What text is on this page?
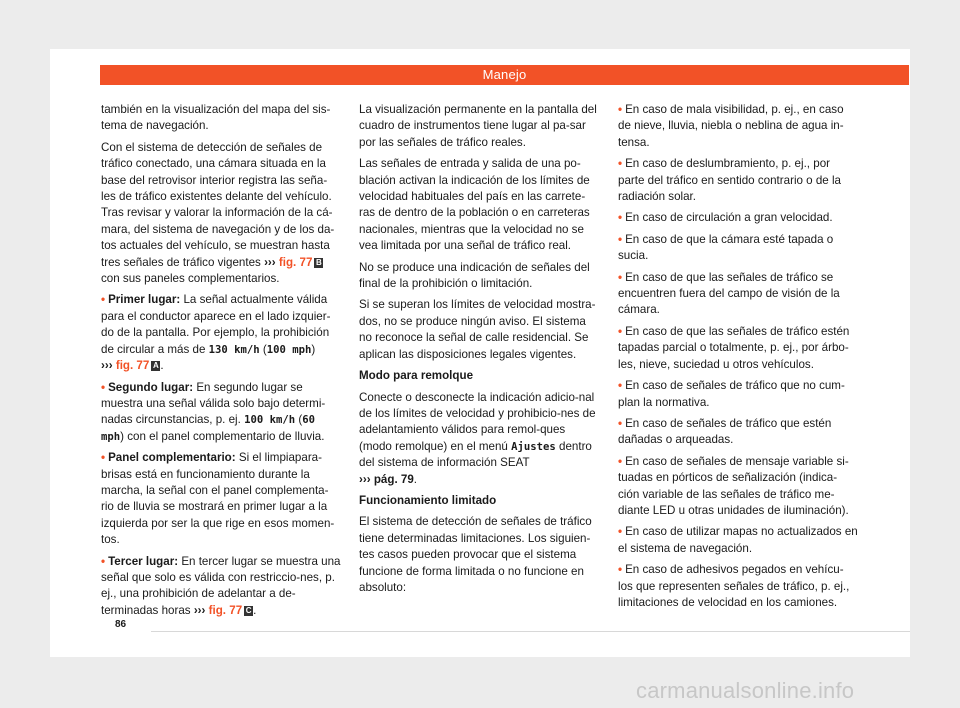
Manejo

también en la visualización del mapa del sis-tema de navegación.

Con el sistema de detección de señales de tráfico conectado, una cámara situada en la base del retrovisor interior registra las seña-les de tráfico existentes delante del vehículo. Tras revisar y valorar la información de la cá-mara, del sistema de navegación y de los da-tos actuales del vehículo, se muestran hasta tres señales de tráfico vigentes ››› fig. 77 B
con sus paneles complementarios.

• Primer lugar: La señal actualmente válida para el conductor aparece en el lado izquier-do de la pantalla. Por ejemplo, la prohibición de circular a más de 130 km/h (100 mph)
››› fig. 77 A .

• Segundo lugar: En segundo lugar se muestra una señal válida solo bajo determi-nadas circunstancias, p. ej. 100 km/h (60 mph) con el panel complementario de lluvia.

• Panel complementario: Si el limpiapara-brisas está en funcionamiento durante la marcha, la señal con el panel complementa-rio de lluvia se mostrará en primer lugar a la izquierda por ser la que rige en esos momen-tos.

• Tercer lugar: En tercer lugar se muestra una señal que solo es válida con restriccio-nes, p. ej., una prohibición de adelantar a de-terminadas horas ››› fig. 77 C .

La visualización permanente en la pantalla del cuadro de instrumentos tiene lugar al pa-sar por las señales de tráfico reales.

Las señales de entrada y salida de una po-blación activan la indicación de los límites de velocidad habituales del país en las carrete-ras de dentro de la población o en carreteras nacionales, mientras que la velocidad no se vea limitada por una señal de tráfico real.

No se produce una indicación de señales del final de la prohibición o limitación.

Si se superan los límites de velocidad mostra-dos, no se produce ningún aviso. El sistema no reconoce la señal de calle residencial. Se aplican las disposiciones legales vigentes.

Modo para remolque

Conecte o desconecte la indicación adicio-nal de los límites de velocidad y prohibicio-nes de adelantamiento válidos para remol-ques (modo remolque) en el menú Ajustes dentro del sistema de información SEAT
››› pág. 79.

Funcionamiento limitado

El sistema de detección de señales de tráfico tiene determinadas limitaciones. Los siguien-tes casos pueden provocar que el sistema funcione de forma limitada o no funcione en absoluto:

• En caso de mala visibilidad, p. ej., en caso de nieve, lluvia, niebla o neblina de agua in-tensa.

• En caso de deslumbramiento, p. ej., por parte del tráfico en sentido contrario o de la radiación solar.

• En caso de circulación a gran velocidad.

• En caso de que la cámara esté tapada o sucia.

• En caso de que las señales de tráfico se encuentren fuera del campo de visión de la cámara.

• En caso de que las señales de tráfico estén tapadas parcial o totalmente, p. ej., por árbo-les, nieve, suciedad u otros vehículos.

• En caso de señales de tráfico que no cum-plan la normativa.

• En caso de señales de tráfico que estén dañadas o arqueadas.

• En caso de señales de mensaje variable si-tuadas en pórticos de señalización (indica-ción variable de las señales de tráfico me-diante LED u otras unidades de iluminación).

• En caso de utilizar mapas no actualizados en el sistema de navegación.

• En caso de adhesivos pegados en vehícu-los que representen señales de tráfico, p. ej., limitaciones de velocidad en los camiones.

86
carmanualsonline.info
